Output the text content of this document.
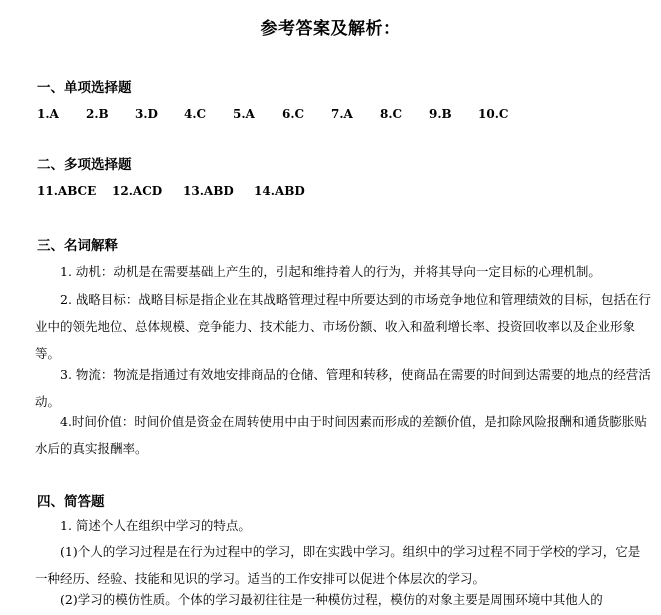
参考答案及解析：
一、单项选择题
1.A 2.B 3.D 4.C 5.A 6.C 7.A 8.C 9.B 10.C
二、多项选择题
11.ABCE 12.ACD 13.ABD 14.ABD
三、名词解释

1. 动机：动机是在需要基础上产生的，引起和维持着人的行为，并将其导向一定目标的心理机制。

2. 战略目标：战略目标是指企业在其战略管理过程中所要达到的市场竞争地位和管理绩效的目标，包括在行业中的领先地位、总体规模、竞争能力、技术能力、市场份额、收入和盈利增长率、投资回收率以及企业形象等。

3. 物流：物流是指通过有效地安排商品的仓储、管理和转移，使商品在需要的时间到达需要的地点的经营活动。

4.时间价值：时间价值是资金在周转使用中由于时间因素而形成的差额价值，是扣除风险报酬和通货膨胀贴水后的真实报酬率。

四、简答题

1. 简述个人在组织中学习的特点。

(1)个人的学习过程是在行为过程中的学习，即在实践中学习。组织中的学习过程不同于学校的学习，它是一种经历、经验、技能和见识的学习。适当的工作安排可以促进个体层次的学习。

(2)学习的模仿性质。个体的学习最初往往是一种模仿过程，模仿的对象主要是周围环境中其他人的
